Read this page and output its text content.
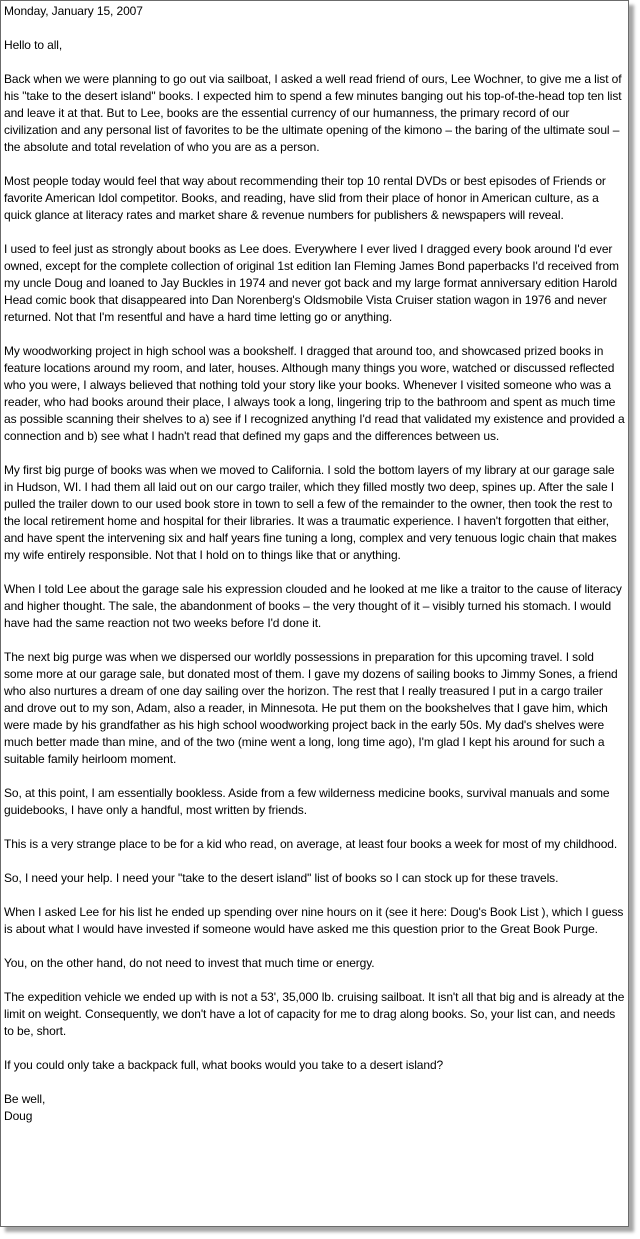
Monday, January 15, 2007

Hello to all,

Back when we were planning to go out via sailboat, I asked a well read friend of ours, Lee Wochner, to give me a list of his "take to the desert island" books. I expected him to spend a few minutes banging out his top-of-the-head top ten list and leave it at that. But to Lee, books are the essential currency of our humanness, the primary record of our civilization and any personal list of favorites to be the ultimate opening of the kimono – the baring of the ultimate soul – the absolute and total revelation of who you are as a person.

Most people today would feel that way about recommending their top 10 rental DVDs or best episodes of Friends or favorite American Idol competitor. Books, and reading, have slid from their place of honor in American culture, as a quick glance at literacy rates and market share & revenue numbers for publishers & newspapers will reveal.

I used to feel just as strongly about books as Lee does. Everywhere I ever lived I dragged every book around I'd ever owned, except for the complete collection of original 1st edition Ian Fleming James Bond paperbacks I'd received from my uncle Doug and loaned to Jay Buckles in 1974 and never got back and my large format anniversary edition Harold Head comic book that disappeared into Dan Norenberg's Oldsmobile Vista Cruiser station wagon in 1976 and never returned. Not that I'm resentful and have a hard time letting go or anything.

My woodworking project in high school was a bookshelf. I dragged that around too, and showcased prized books in feature locations around my room, and later, houses. Although many things you wore, watched or discussed reflected who you were, I always believed that nothing told your story like your books. Whenever I visited someone who was a reader, who had books around their place, I always took a long, lingering trip to the bathroom and spent as much time as possible scanning their shelves to a) see if I recognized anything I'd read that validated my existence and provided a connection and b) see what I hadn't read that defined my gaps and the differences between us.

My first big purge of books was when we moved to California. I sold the bottom layers of my library at our garage sale in Hudson, WI. I had them all laid out on our cargo trailer, which they filled mostly two deep, spines up. After the sale I pulled the trailer down to our used book store in town to sell a few of the remainder to the owner, then took the rest to the local retirement home and hospital for their libraries. It was a traumatic experience. I haven't forgotten that either, and have spent the intervening six and half years fine tuning a long, complex and very tenuous logic chain that makes my wife entirely responsible. Not that I hold on to things like that or anything.

When I told Lee about the garage sale his expression clouded and he looked at me like a traitor to the cause of literacy and higher thought. The sale, the abandonment of books – the very thought of it – visibly turned his stomach. I would have had the same reaction not two weeks before I'd done it.

The next big purge was when we dispersed our worldly possessions in preparation for this upcoming travel. I sold some more at our garage sale, but donated most of them. I gave my dozens of sailing books to Jimmy Sones, a friend who also nurtures a dream of one day sailing over the horizon. The rest that I really treasured I put in a cargo trailer and drove out to my son, Adam, also a reader, in Minnesota. He put them on the bookshelves that I gave him, which were made by his grandfather as his high school woodworking project back in the early 50s. My dad's shelves were much better made than mine, and of the two (mine went a long, long time ago), I'm glad I kept his around for such a suitable family heirloom moment.

So, at this point, I am essentially bookless. Aside from a few wilderness medicine books, survival manuals and some guidebooks, I have only a handful, most written by friends.

This is a very strange place to be for a kid who read, on average, at least four books a week for most of my childhood.

So, I need your help. I need your "take to the desert island" list of books so I can stock up for these travels.

When I asked Lee for his list he ended up spending over nine hours on it (see it here: Doug's Book List ), which I guess is about what I would have invested if someone would have asked me this question prior to the Great Book Purge.

You, on the other hand, do not need to invest that much time or energy.

The expedition vehicle we ended up with is not a 53', 35,000 lb. cruising sailboat. It isn't all that big and is already at the limit on weight. Consequently, we don't have a lot of capacity for me to drag along books. So, your list can, and needs to be, short.

If you could only take a backpack full, what books would you take to a desert island?

Be well,

Doug
